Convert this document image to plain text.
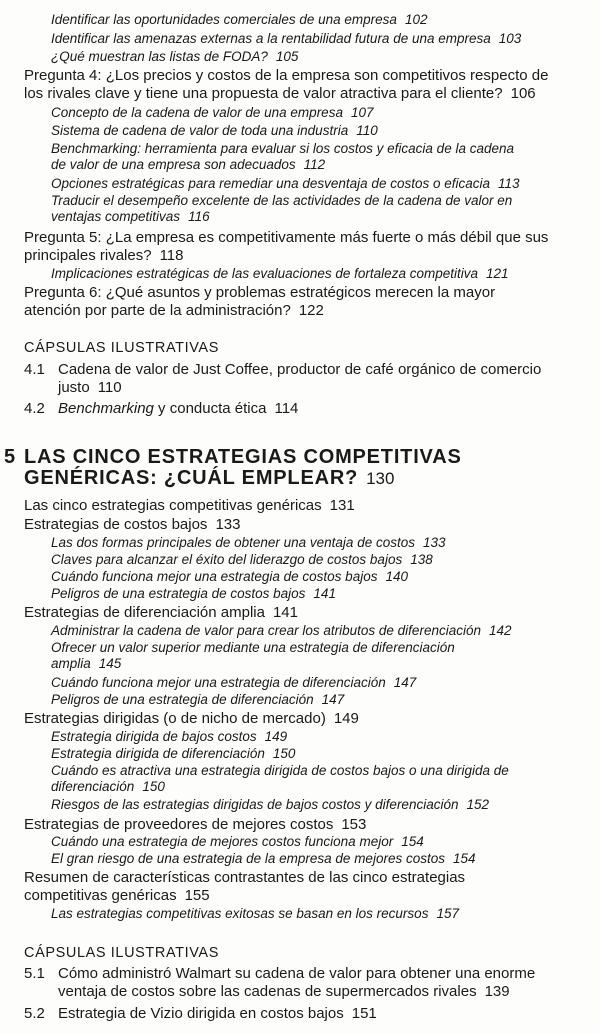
Identificar las oportunidades comerciales de una empresa 102
Identificar las amenazas externas a la rentabilidad futura de una empresa 103
¿Qué muestran las listas de FODA? 105
Pregunta 4: ¿Los precios y costos de la empresa son competitivos respecto de
los rivales clave y tiene una propuesta de valor atractiva para el cliente? 106
Concepto de la cadena de valor de una empresa 107
Sistema de cadena de valor de toda una industria 110
Benchmarking: herramienta para evaluar si los costos y eficacia de la cadena
de valor de una empresa son adecuados 112
Opciones estratégicas para remediar una desventaja de costos o eficacia 113
Traducir el desempeño excelente de las actividades de la cadena de valor en
ventajas competitivas 116
Pregunta 5: ¿La empresa es competitivamente más fuerte o más débil que sus
principales rivales? 118
Implicaciones estratégicas de las evaluaciones de fortaleza competitiva 121
Pregunta 6: ¿Qué asuntos y problemas estratégicos merecen la mayor
atención por parte de la administración? 122
CÁPSULAS ILUSTRATIVAS
4.1 Cadena de valor de Just Coffee, productor de café orgánico de comercio
justo 110
4.2 Benchmarking y conducta ética 114
5 LAS CINCO ESTRATEGIAS COMPETITIVAS
GENÉRICAS: ¿CUÁL EMPLEAR? 130
Las cinco estrategias competitivas genéricas 131
Estrategias de costos bajos 133
Las dos formas principales de obtener una ventaja de costos 133
Claves para alcanzar el éxito del liderazgo de costos bajos 138
Cuándo funciona mejor una estrategia de costos bajos 140
Peligros de una estrategia de costos bajos 141
Estrategias de diferenciación amplia 141
Administrar la cadena de valor para crear los atributos de diferenciación 142
Ofrecer un valor superior mediante una estrategia de diferenciación
amplia 145
Cuándo funciona mejor una estrategia de diferenciación 147
Peligros de una estrategia de diferenciación 147
Estrategias dirigidas (o de nicho de mercado) 149
Estrategia dirigida de bajos costos 149
Estrategia dirigida de diferenciación 150
Cuándo es atractiva una estrategia dirigida de costos bajos o una dirigida de
diferenciación 150
Riesgos de las estrategias dirigidas de bajos costos y diferenciación 152
Estrategias de proveedores de mejores costos 153
Cuándo una estrategia de mejores costos funciona mejor 154
El gran riesgo de una estrategia de la empresa de mejores costos 154
Resumen de características contrastantes de las cinco estrategias
competitivas genéricas 155
Las estrategias competitivas exitosas se basan en los recursos 157
CÁPSULAS ILUSTRATIVAS
5.1 Cómo administró Walmart su cadena de valor para obtener una enorme
ventaja de costos sobre las cadenas de supermercados rivales 139
5.2 Estrategia de Vizio dirigida en costos bajos 151
